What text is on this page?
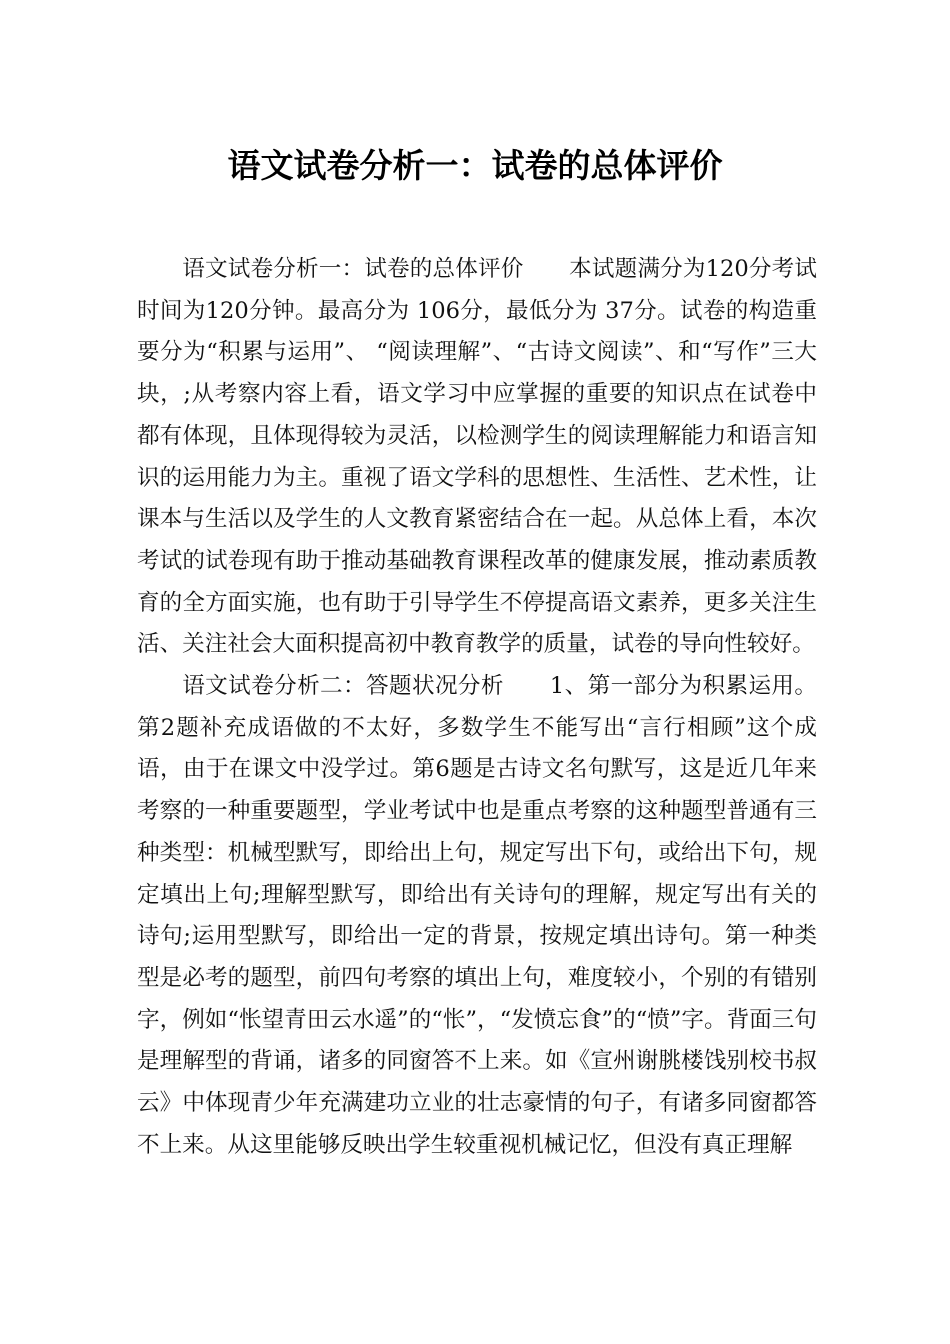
语文试卷分析一：试卷的总体评价

语文试卷分析一：试卷的总体评价　　本试题满分为120分考试时间为120分钟。最高分为 106分，最低分为 37分。试卷的构造重要分为“积累与运用”、 “阅读理解”、“古诗文阅读”、和“写作”三大块，;从考察内容上看，语文学习中应掌握的重要的知识点在试卷中都有体现，且体现得较为灵活，以检测学生的阅读理解能力和语言知识的运用能力为主。重视了语文学科的思想性、生活性、艺术性，让课本与生活以及学生的人文教育紧密结合在一起。从总体上看，本次考试的试卷现有助于推动基础教育课程改革的健康发展，推动素质教育的全方面实施，也有助于引导学生不停提高语文素养，更多关注生活、关注社会大面积提高初中教育教学的质量，试卷的导向性较好。

语文试卷分析二：答题状况分析　　1、第一部分为积累运用。第2题补充成语做的不太好，多数学生不能写出“言行相顾”这个成语，由于在课文中没学过。第6题是古诗文名句默写，这是近几年来考察的一种重要题型，学业考试中也是重点考察的这种题型普通有三种类型：机械型默写，即给出上句，规定写出下句，或给出下句，规定填出上句;理解型默写，即给出有关诗句的理解，规定写出有关的诗句;运用型默写，即给出一定的背景，按规定填出诗句。第一种类型是必考的题型，前四句考察的填出上句，难度较小，个别的有错别字，例如“怅望青田云水遥”的“怅”，“发愤忘食”的“愤”字。背面三句是理解型的背诵，诸多的同窗答不上来。如《宣州谢朓楼饯别校书叔云》中体现青少年充满建功立业的壮志豪情的句子，有诸多同窗都答不上来。从这里能够反映出学生较重视机械记忆，但没有真正理解
